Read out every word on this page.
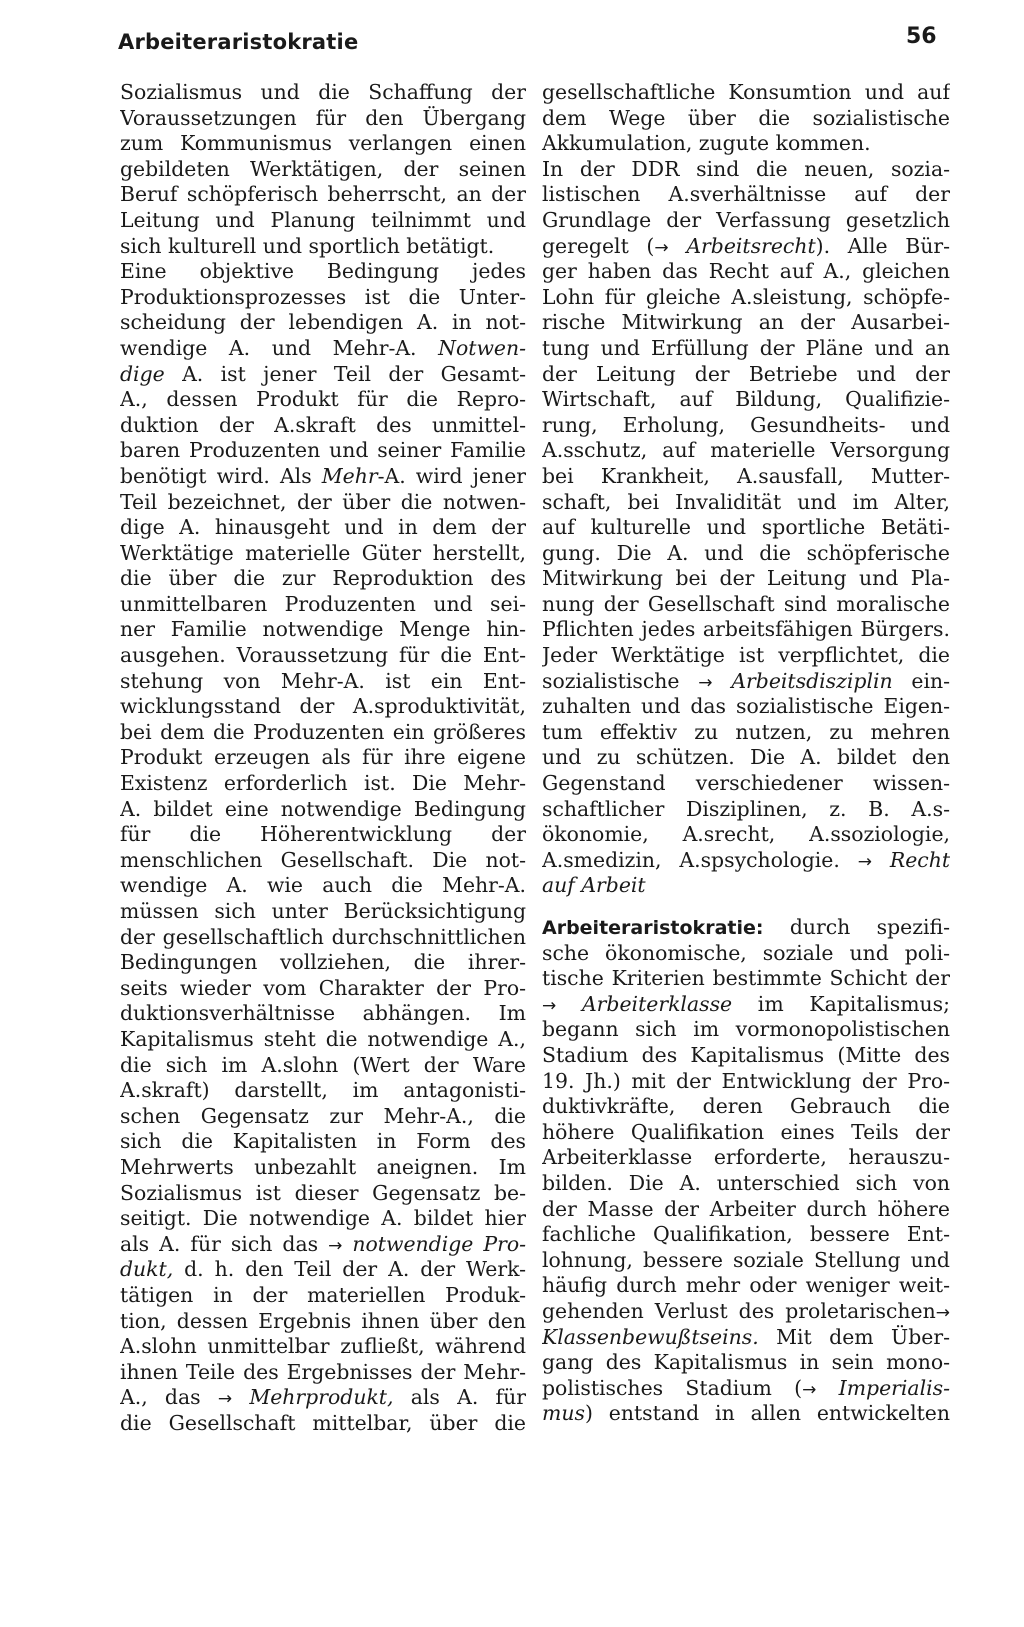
Arbeiteraristokratie	56
Sozialismus und die Schaffung der
Voraussetzungen für den Übergang
zum Kommunismus verlangen einen
gebildeten Werktätigen, der seinen
Beruf schöpferisch beherrscht, an der
Leitung und Planung teilnimmt und
sich kulturell und sportlich betätigt.
Eine objektive Bedingung jedes
Produktionsprozesses ist die Unter-
scheidung der lebendigen A. in not-
wendige A. und Mehr-A. Notwen-
dige A. ist jener Teil der Gesamt-
A., dessen Produkt für die Repro-
duktion der A.skraft des unmittel-
baren Produzenten und seiner Familie
benötigt wird. Als Mehr-A. wird jener
Teil bezeichnet, der über die notwen-
dige A. hinausgeht und in dem der
Werktätige materielle Güter herstellt,
die über die zur Reproduktion des
unmittelbaren Produzenten und sei-
ner Familie notwendige Menge hin-
ausgehen. Voraussetzung für die Ent-
stehung von Mehr-A. ist ein Ent-
wicklungsstand der A.sproduktivität,
bei dem die Produzenten ein größeres
Produkt erzeugen als für ihre eigene
Existenz erforderlich ist. Die Mehr-
A. bildet eine notwendige Bedingung
für die Höherentwicklung der
menschlichen Gesellschaft. Die not-
wendige A. wie auch die Mehr-A.
müssen sich unter Berücksichtigung
der gesellschaftlich durchschnittlichen
Bedingungen vollziehen, die ihrer-
seits wieder vom Charakter der Pro-
duktionsverhältnisse abhängen. Im
Kapitalismus steht die notwendige A.,
die sich im A.slohn (Wert der Ware
A.skraft) darstellt, im antagonisti-
schen Gegensatz zur Mehr-A., die
sich die Kapitalisten in Form des
Mehrwerts unbezahlt aneignen. Im
Sozialismus ist dieser Gegensatz be-
seitigt. Die notwendige A. bildet hier
als A. für sich das → notwendige Pro-
dukt, d. h. den Teil der A. der Werk-
tätigen in der materiellen Produk-
tion, dessen Ergebnis ihnen über den
A.slohn unmittelbar zufließt, während
ihnen Teile des Ergebnisses der Mehr-
A., das → Mehrprodukt, als A. für
die Gesellschaft mittelbar, über die
gesellschaftliche Konsumtion und auf
dem Wege über die sozialistische
Akkumulation, zugute kommen.
In der DDR sind die neuen, sozia-
listischen A.sverhältnisse auf der
Grundlage der Verfassung gesetzlich
geregelt (→ Arbeitsrecht). Alle Bür-
ger haben das Recht auf A., gleichen
Lohn für gleiche A.sleistung, schöpfe-
rische Mitwirkung an der Ausarbei-
tung und Erfüllung der Pläne und an
der Leitung der Betriebe und der
Wirtschaft, auf Bildung, Qualifizie-
rung, Erholung, Gesundheits- und
A.sschutz, auf materielle Versorgung
bei Krankheit, A.sausfall, Mutter-
schaft, bei Invalidität und im Alter,
auf kulturelle und sportliche Betäti-
gung. Die A. und die schöpferische
Mitwirkung bei der Leitung und Pla-
nung der Gesellschaft sind moralische
Pflichten jedes arbeitsfähigen Bürgers.
Jeder Werktätige ist verpflichtet, die
sozialistische → Arbeitsdisziplin ein-
zuhalten und das sozialistische Eigen-
tum effektiv zu nutzen, zu mehren
und zu schützen. Die A. bildet den
Gegenstand verschiedener wissen-
schaftlicher Disziplinen, z. B. A.s-
ökonomie, A.srecht, A.ssoziologie,
A.smedizin, A.spsychologie. → Recht
auf Arbeit
Arbeiteraristokratie: durch spezifi-
sche ökonomische, soziale und poli-
tische Kriterien bestimmte Schicht der
→ Arbeiterklasse im Kapitalismus;
begann sich im vormonopolistischen
Stadium des Kapitalismus (Mitte des
19. Jh.) mit der Entwicklung der Pro-
duktivkräfte, deren Gebrauch die
höhere Qualifikation eines Teils der
Arbeiterklasse erforderte, herauszu-
bilden. Die A. unterschied sich von
der Masse der Arbeiter durch höhere
fachliche Qualifikation, bessere Ent-
lohnung, bessere soziale Stellung und
häufig durch mehr oder weniger weit-
gehenden Verlust des proletarischen→
Klassenbewußtseins. Mit dem Über-
gang des Kapitalismus in sein mono-
polistisches Stadium (→ Imperialis-
mus) entstand in allen entwickelten
